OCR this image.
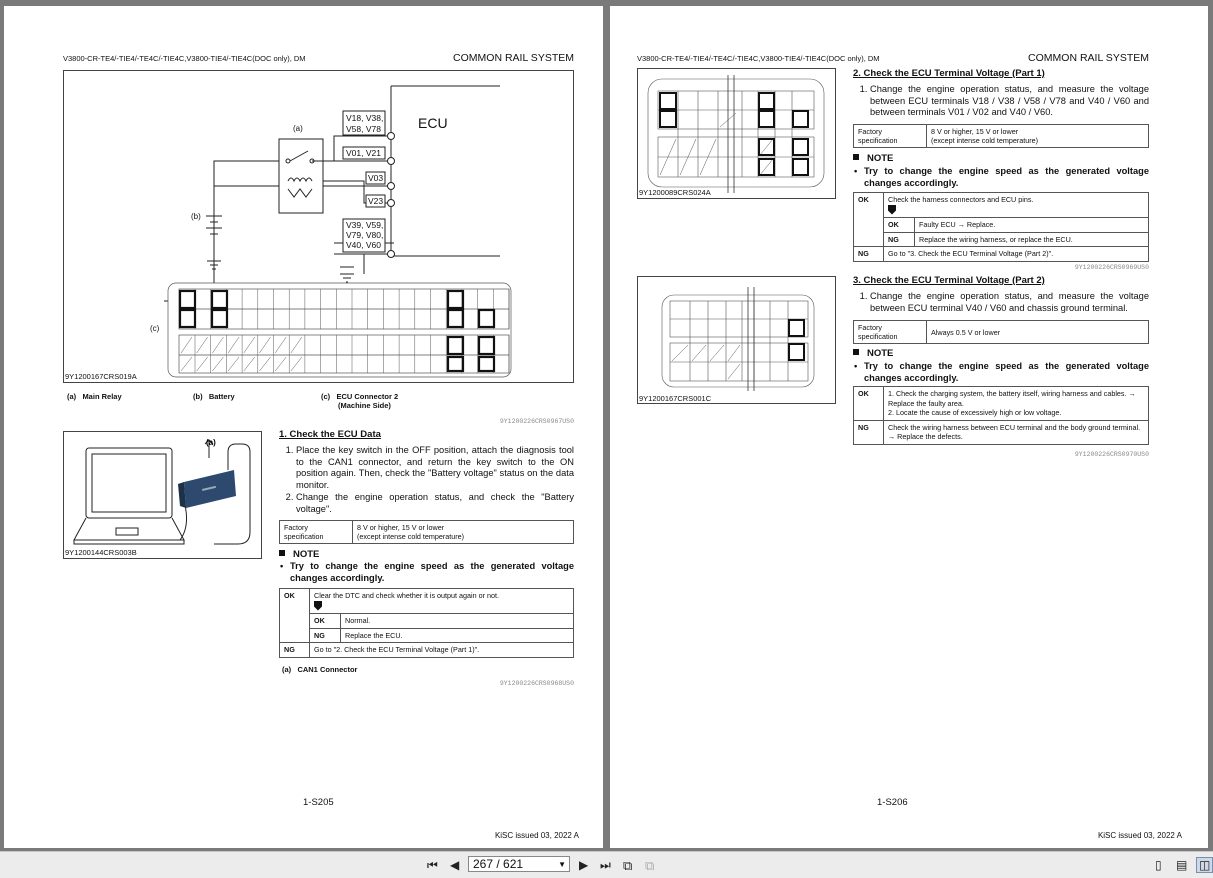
V3800-CR-TE4/-TIE4/-TE4C/-TIE4C,V3800-TIE4/-TIE4C(DOC only), DM	COMMON RAIL SYSTEM
V18, V38,
V58, V78
V01, V21
V03
V23
V39, V59,
V79, V80,
V40, V60
ECU
(a)
(b)
(c)
9Y1200167CRS019A
(a) Main Relay	(b) Battery	(c) ECU Connector 2
(Machine Side)
9Y1200226CRS0967US0
(a)
9Y1200144CRS003B
1. Check the ECU Data
1. Place the key switch in the OFF position, attach the diagnosis tool to the CAN1 connector, and return the key switch to the ON position again. Then, check the "Battery voltage" status on the data monitor.
2. Change the engine operation status, and check the "Battery voltage".
Factory specification	8 V or higher, 15 V or lower
(except intense cold temperature)
NOTE
• Try to change the engine speed as the generated voltage changes accordingly.
OK	Clear the DTC and check whether it is output again or not.	

	OK	Normal.
	NG	Replace the ECU.
NG	Go to "2. Check the ECU Terminal Voltage (Part 1)".	
(a) CAN1 Connector
9Y1200226CRS0968US0
1-S205
KiSC issued 03, 2022 A
V3800-CR-TE4/-TIE4/-TE4C/-TIE4C,V3800-TIE4/-TIE4C(DOC only), DM	COMMON RAIL SYSTEM
9Y1200089CRS024A
2. Check the ECU Terminal Voltage (Part 1)
1. Change the engine operation status, and measure the voltage between ECU terminals V18 / V38 / V58 / V78 and V40 / V60 and between terminals V01 / V02 and V40 / V60.
Factory specification	8 V or higher, 15 V or lower
(except intense cold temperature)
NOTE
• Try to change the engine speed as the generated voltage changes accordingly.
OK	Check the harness connectors and ECU pins.	

	OK	Faulty ECU → Replace.
	NG	Replace the wiring harness, or replace the ECU.
NG	Go to "3. Check the ECU Terminal Voltage (Part 2)".	
9Y1200226CRS0969US0
9Y1200167CRS001C
3. Check the ECU Terminal Voltage (Part 2)
1. Change the engine operation status, and measure the voltage between ECU terminal V40 / V60 and chassis ground terminal.
Factory specification	Always 0.5 V or lower
NOTE
• Try to change the engine speed as the generated voltage changes accordingly.
OK	1. Check the charging system, the battery itself, wiring harness and cables. → Replace the faulty area.
2. Locate the cause of excessively high or low voltage.
NG	Check the wiring harness between ECU terminal and the body ground terminal. → Replace the defects.
9Y1200226CRS0970US0
1-S206
KiSC issued 03, 2022 A
⏮ ◀	267 / 621	▼ ▶ ⏭ ⧉ ⧉	▯ ▤ ◫
